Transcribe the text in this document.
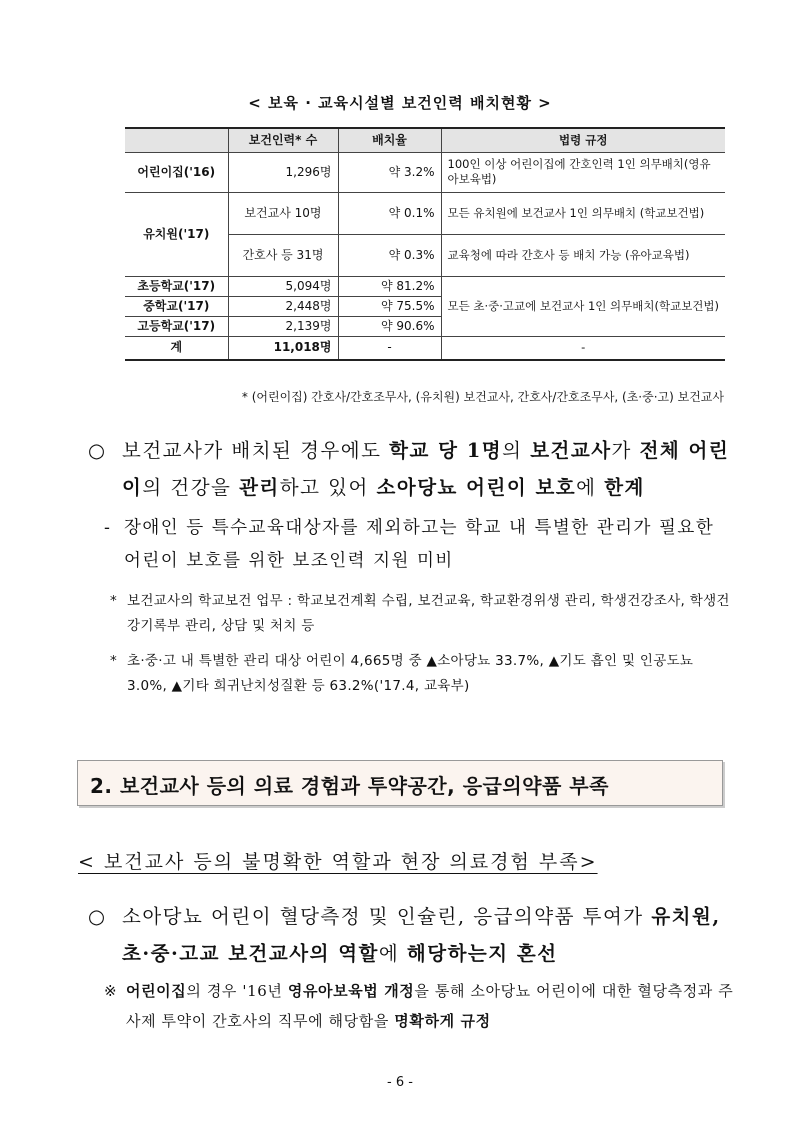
< 보육 · 교육시설별 보건인력 배치현황 >
	보건인력* 수	배치율	법령 규정
어린이집('16)	1,296명	약 3.2%	100인 이상 어린이집에 간호인력 1인 의무배치(영유아보육법)
유치원('17)	보건교사 10명	약 0.1%	모든 유치원에 보건교사 1인 의무배치 (학교보건법)
	간호사 등 31명	약 0.3%	교육청에 따라 간호사 등 배치 가능 (유아교육법)
초등학교('17)	5,094명	약 81.2%	모든 초·중·고교에 보건교사 1인 의무배치(학교보건법)
중학교('17)	2,448명	약 75.5%	
고등학교('17)	2,139명	약 90.6%	
계	11,018명	-	-
* (어린이집) 간호사/간호조무사, (유치원) 보건교사, 간호사/간호조무사, (초·중·고) 보건교사
○ 보건교사가 배치된 경우에도 학교 당 1명의 보건교사가 전체 어린이의 건강을 관리하고 있어 소아당뇨 어린이 보호에 한계
- 장애인 등 특수교육대상자를 제외하고는 학교 내 특별한 관리가 필요한 어린이 보호를 위한 보조인력 지원 미비
* 보건교사의 학교보건 업무 : 학교보건계획 수립, 보건교육, 학교환경위생 관리, 학생건강조사, 학생건강기록부 관리, 상담 및 처치 등
* 초·중·고 내 특별한 관리 대상 어린이 4,665명 중 ▲소아당뇨 33.7%, ▲기도 흡인 및 인공도뇨 3.0%, ▲기타 희귀난치성질환 등 63.2%('17.4, 교육부)
2. 보건교사 등의 의료 경험과 투약공간, 응급의약품 부족
< 보건교사 등의 불명확한 역할과 현장 의료경험 부족>
○ 소아당뇨 어린이 혈당측정 및 인슐린, 응급의약품 투여가 유치원, 초·중·고교 보건교사의 역할에 해당하는지 혼선
※ 어린이집의 경우 '16년 영유아보육법 개정을 통해 소아당뇨 어린이에 대한 혈당측정과 주사제 투약이 간호사의 직무에 해당함을 명확하게 규정
- 6 -
